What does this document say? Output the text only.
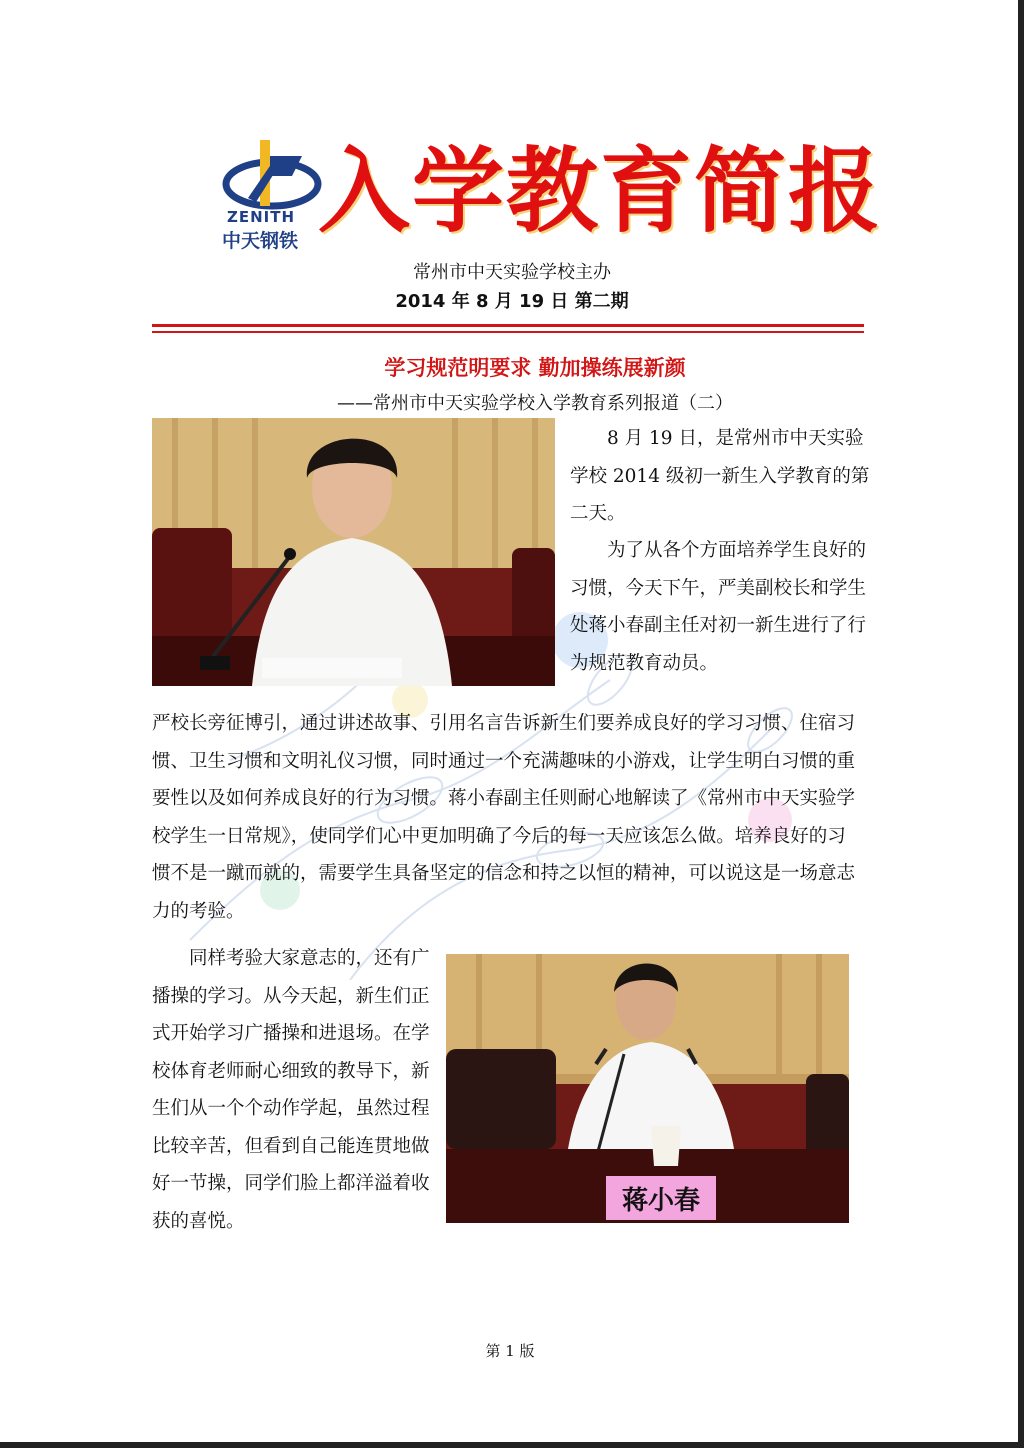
ZENITH
中天钢铁 入学教育简报
常州市中天实验学校主办
2014 年 8 月 19 日 第二期
学习规范明要求 勤加操练展新颜
——常州市中天实验学校入学教育系列报道（二）
8 月 19 日，是常州市中天实验学校 2014 级初一新生入学教育的第二天。
为了从各个方面培养学生良好的习惯，今天下午，严美副校长和学生处蒋小春副主任对初一新生进行了行为规范教育动员。
严校长旁征博引，通过讲述故事、引用名言告诉新生们要养成良好的学习习惯、住宿习惯、卫生习惯和文明礼仪习惯，同时通过一个充满趣味的小游戏，让学生明白习惯的重要性以及如何养成良好的行为习惯。蒋小春副主任则耐心地解读了《常州市中天实验学校学生一日常规》，使同学们心中更加明确了今后的每一天应该怎么做。培养良好的习惯不是一蹴而就的，需要学生具备坚定的信念和持之以恒的精神，可以说这是一场意志力的考验。
同样考验大家意志的，还有广播操的学习。从今天起，新生们正式开始学习广播操和进退场。在学校体育老师耐心细致的教导下，新生们从一个个动作学起，虽然过程比较辛苦，但看到自己能连贯地做好一节操，同学们脸上都洋溢着收获的喜悦。
蒋小春
第 1 版
